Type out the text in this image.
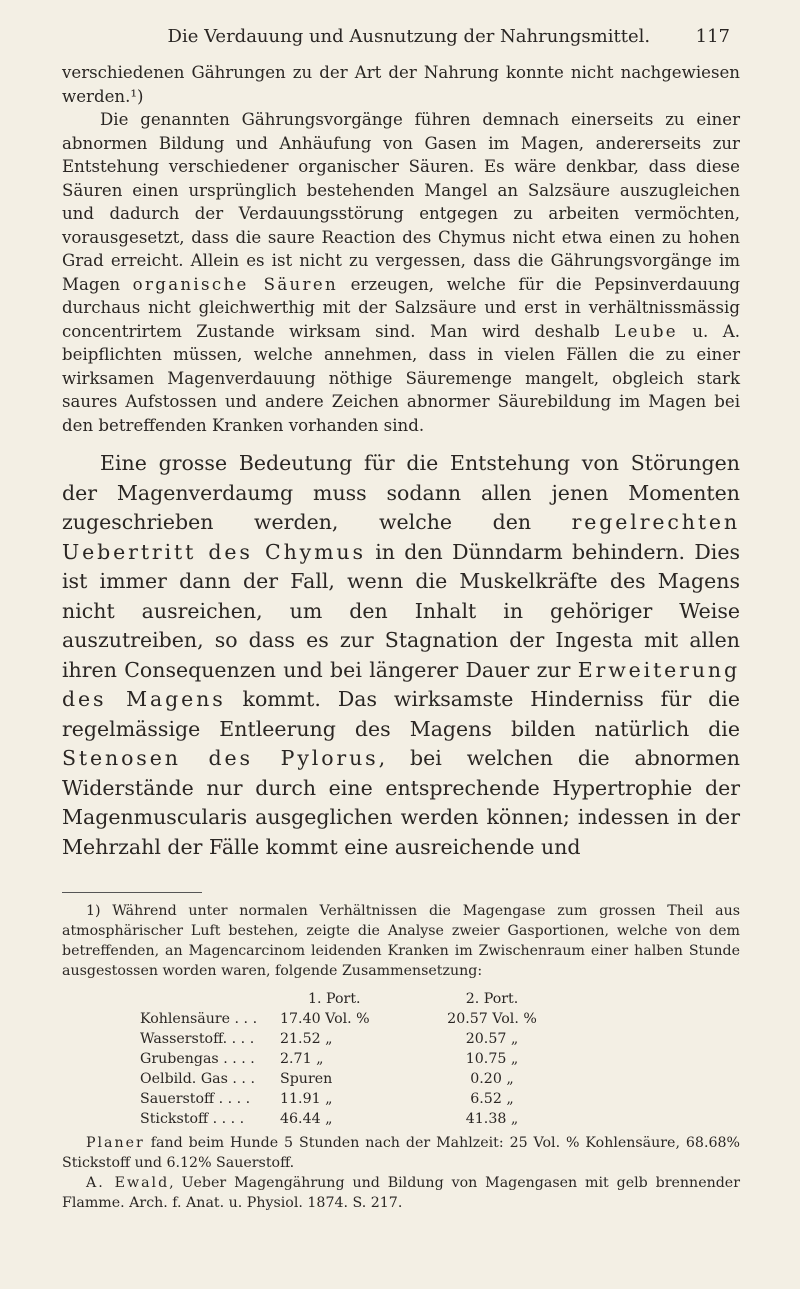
Die Verdauung und Ausnutzung der Nahrungsmittel.	117

verschiedenen Gährungen zu der Art der Nahrung konnte nicht nachgewiesen werden.¹)

Die genannten Gährungsvorgänge führen demnach einerseits zu einer abnormen Bildung und Anhäufung von Gasen im Magen, andererseits zur Entstehung verschiedener organischer Säuren. Es wäre denkbar, dass diese Säuren einen ursprünglich bestehenden Mangel an Salzsäure auszugleichen und dadurch der Verdauungsstörung entgegen zu arbeiten vermöchten, vorausgesetzt, dass die saure Reaction des Chymus nicht etwa einen zu hohen Grad erreicht. Allein es ist nicht zu vergessen, dass die Gährungsvorgänge im Magen organische Säuren erzeugen, welche für die Pepsinverdauung durchaus nicht gleichwerthig mit der Salzsäure und erst in verhältnissmässig concentrirtem Zustande wirksam sind. Man wird deshalb Leube u. A. beipflichten müssen, welche annehmen, dass in vielen Fällen die zu einer wirksamen Magenverdauung nöthige Säuremenge mangelt, obgleich stark saures Aufstossen und andere Zeichen abnormer Säurebildung im Magen bei den betreffenden Kranken vorhanden sind.

Eine grosse Bedeutung für die Entstehung von Störungen der Magenverdaumg muss sodann allen jenen Momenten zugeschrieben werden, welche den regelrechten Uebertritt des Chymus in den Dünndarm behindern. Dies ist immer dann der Fall, wenn die Muskelkräfte des Magens nicht ausreichen, um den Inhalt in gehöriger Weise auszutreiben, so dass es zur Stagnation der Ingesta mit allen ihren Consequenzen und bei längerer Dauer zur Erweiterung des Magens kommt. Das wirksamste Hinderniss für die regelmässige Entleerung des Magens bilden natürlich die Stenosen des Pylorus, bei welchen die abnormen Widerstände nur durch eine entsprechende Hypertrophie der Magenmuscularis ausgeglichen werden können; indessen in der Mehrzahl der Fälle kommt eine ausreichende und

1) Während unter normalen Verhältnissen die Magengase zum grossen Theil aus atmosphärischer Luft bestehen, zeigte die Analyse zweier Gasportionen, welche von dem betreffenden, an Magencarcinom leidenden Kranken im Zwischenraum einer halben Stunde ausgestossen worden waren, folgende Zusammensetzung:

	1. Port.	2. Port.
Kohlensäure . . .	17.40 Vol. %	20.57 Vol. %
Wasserstoff. . . .	21.52 „	20.57 „
Grubengas . . . .	2.71 „	10.75 „
Oelbild. Gas . . .	Spuren	0.20 „
Sauerstoff . . . .	11.91 „	6.52 „
Stickstoff . . . .	46.44 „	41.38 „

Planer fand beim Hunde 5 Stunden nach der Mahlzeit: 25 Vol. % Kohlensäure, 68.68% Stickstoff und 6.12% Sauerstoff.

A. Ewald, Ueber Magengährung und Bildung von Magengasen mit gelb brennender Flamme. Arch. f. Anat. u. Physiol. 1874. S. 217.
